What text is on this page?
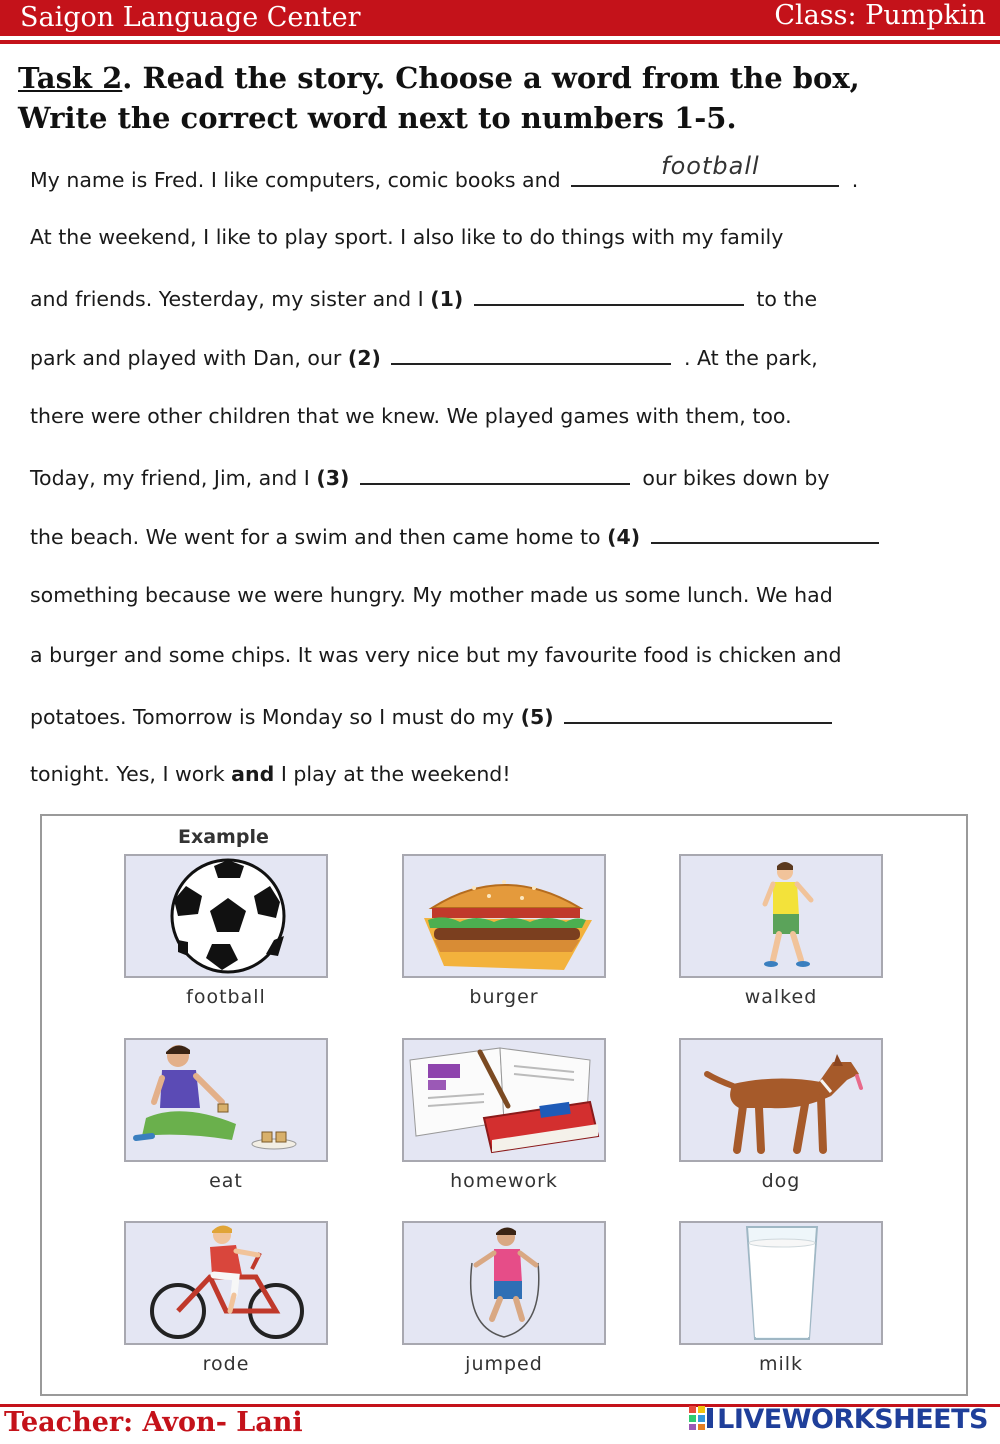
Saigon Language Center	Class: Pumpkin
Task 2. Read the story. Choose a word from the box,
Write the correct word next to numbers 1-5.
My name is Fred. I like computers, comic books and	football	.
At the weekend, I like to play sport. I also like to do things with my family
and friends. Yesterday, my sister and I (1)	to the
park and played with Dan, our (2)	. At the park,
there were other children that we knew. We played games with them, too.
Today, my friend, Jim, and I (3)	our bikes down by
the beach. We went for a swim and then came home to (4)
something because we were hungry. My mother made us some lunch. We had
a burger and some chips. It was very nice but my favourite food is chicken and
potatoes. Tomorrow is Monday so I must do my (5)
tonight. Yes, I work and I play at the weekend!
Example
football	burger	walked
eat	homework	dog
rode	jumped	milk
Teacher: Avon- Lani	LIVEWORKSHEETS
